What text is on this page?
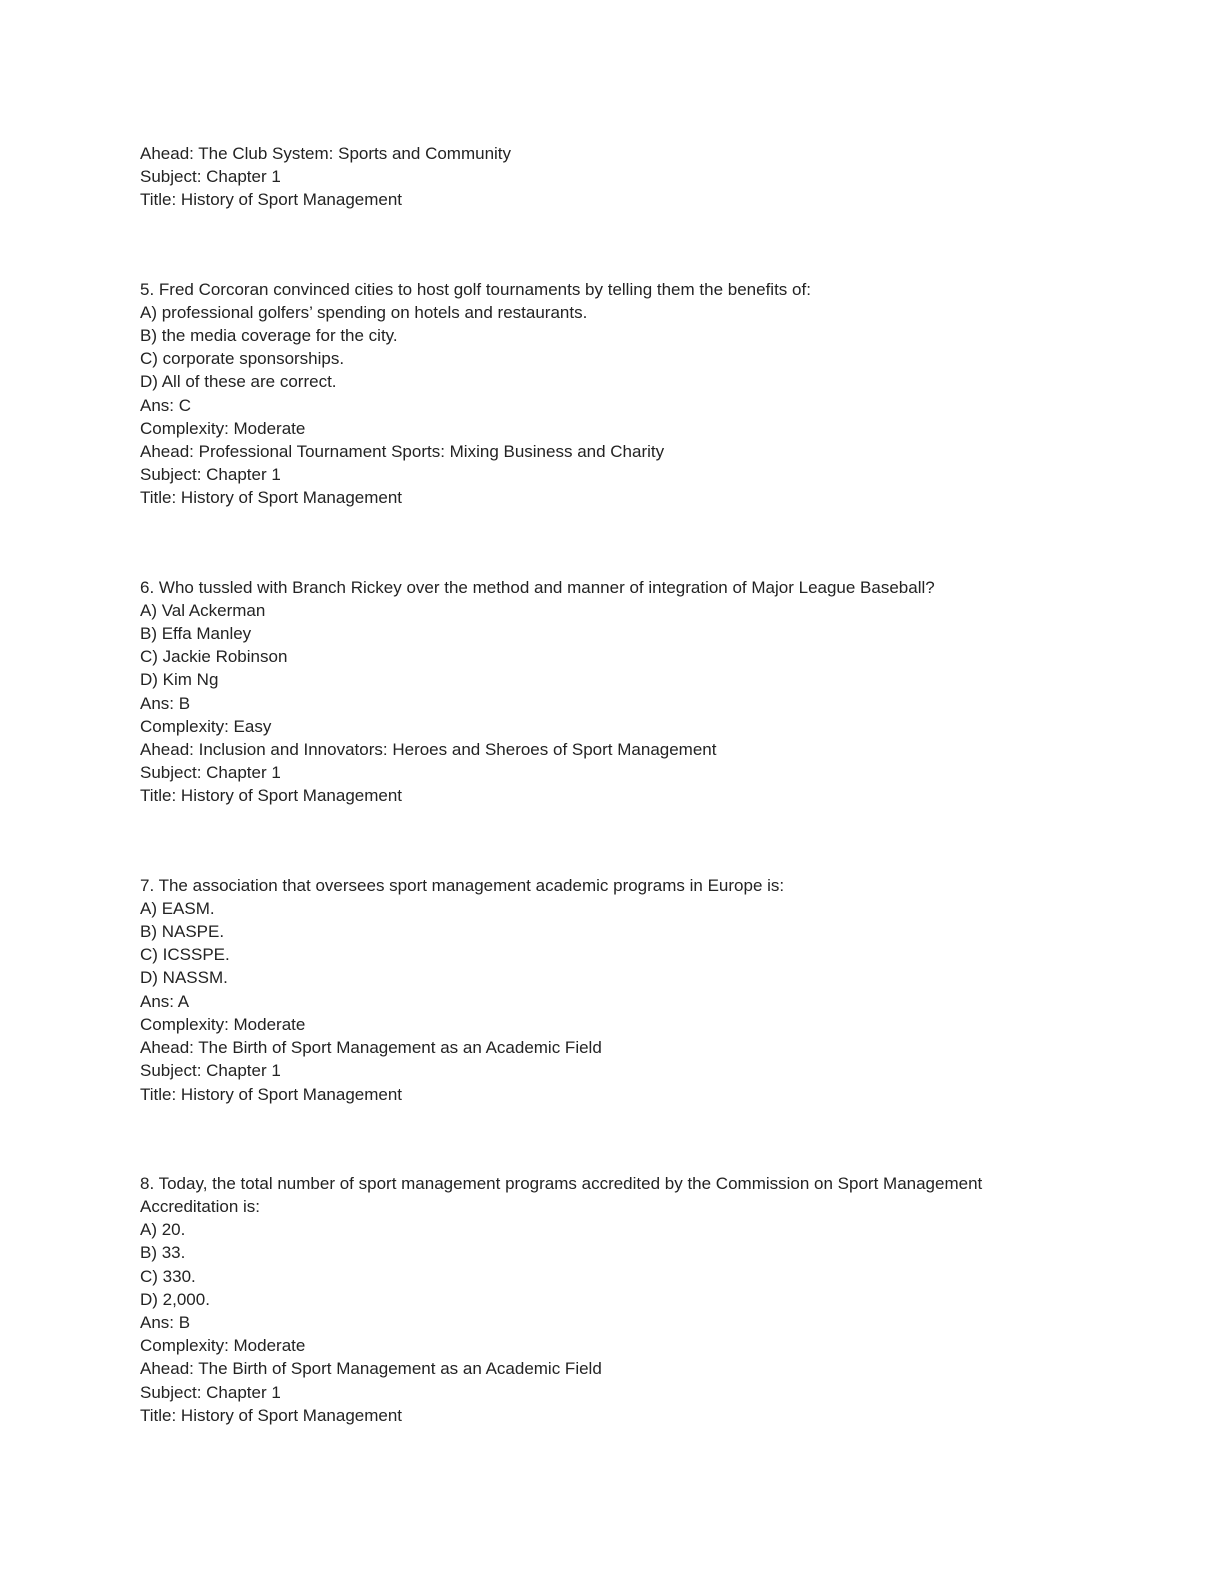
Ahead: The Club System: Sports and Community
Subject: Chapter 1
Title: History of Sport Management
5. Fred Corcoran convinced cities to host golf tournaments by telling them the benefits of:
A) professional golfers’ spending on hotels and restaurants.
B) the media coverage for the city.
C) corporate sponsorships.
D) All of these are correct.
Ans: C
Complexity: Moderate
Ahead: Professional Tournament Sports: Mixing Business and Charity
Subject: Chapter 1
Title: History of Sport Management
6. Who tussled with Branch Rickey over the method and manner of integration of Major League Baseball?
A) Val Ackerman
B) Effa Manley
C) Jackie Robinson
D) Kim Ng
Ans: B
Complexity: Easy
Ahead: Inclusion and Innovators: Heroes and Sheroes of Sport Management
Subject: Chapter 1
Title: History of Sport Management
7. The association that oversees sport management academic programs in Europe is:
A) EASM.
B) NASPE.
C) ICSSPE.
D) NASSM.
Ans: A
Complexity: Moderate
Ahead: The Birth of Sport Management as an Academic Field
Subject: Chapter 1
Title: History of Sport Management
8. Today, the total number of sport management programs accredited by the Commission on Sport Management Accreditation is:
A) 20.
B) 33.
C) 330.
D) 2,000.
Ans: B
Complexity: Moderate
Ahead: The Birth of Sport Management as an Academic Field
Subject: Chapter 1
Title: History of Sport Management
